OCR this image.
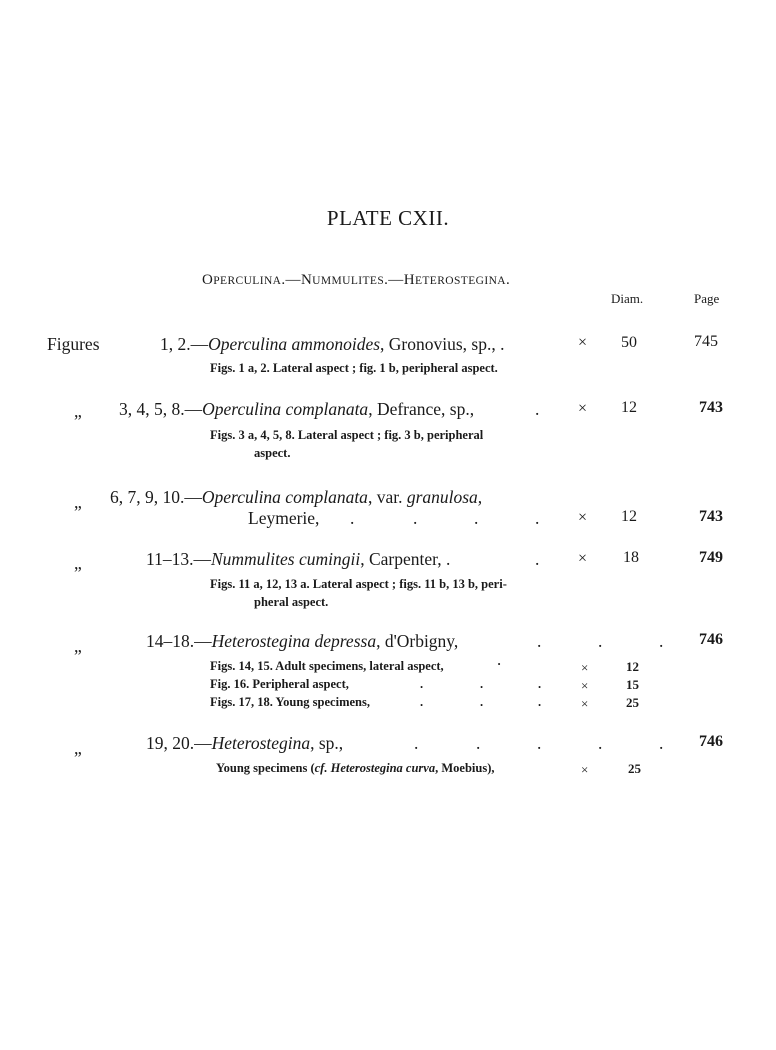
PLATE CXII.
OPERCULINA.—NUMMULITES.—HETEROSTEGINA.
Diam.	Page
Figures	1, 2.—Operculina ammonoides, Gronovius, sp., .	× 50	745
Figs. 1 a, 2. Lateral aspect ; fig. 1 b, peripheral aspect.
„ 3, 4, 5, 8.—Operculina complanata, Defrance, sp.,	. × 12	743
Figs. 3 a, 4, 5, 8. Lateral aspect ; fig. 3 b, peripheral
aspect.
„ 6, 7, 9, 10.—Operculina complanata, var. granulosa,
Leymerie, .	.	.	. × 12	743
„	11–13.—Nummulites cumingii, Carpenter, .	. × 18	749
Figs. 11 a, 12, 13 a. Lateral aspect ; figs. 11 b, 13 b, peri-
pheral aspect.
„	14–18.—Heterostegina depressa, d'Orbigny,	.	.	. 746
Figs. 14, 15. Adult specimens, lateral aspect,	·	×	12
Fig. 16. Peripheral aspect,	.	.	.	×	15
Figs. 17, 18. Young specimens,	.	.	.	×	25
„	19, 20.—Heterostegina, sp.,	.	.	.	.	. 746
Young specimens (cf. Heterostegina curva, Moebius),	×	25
